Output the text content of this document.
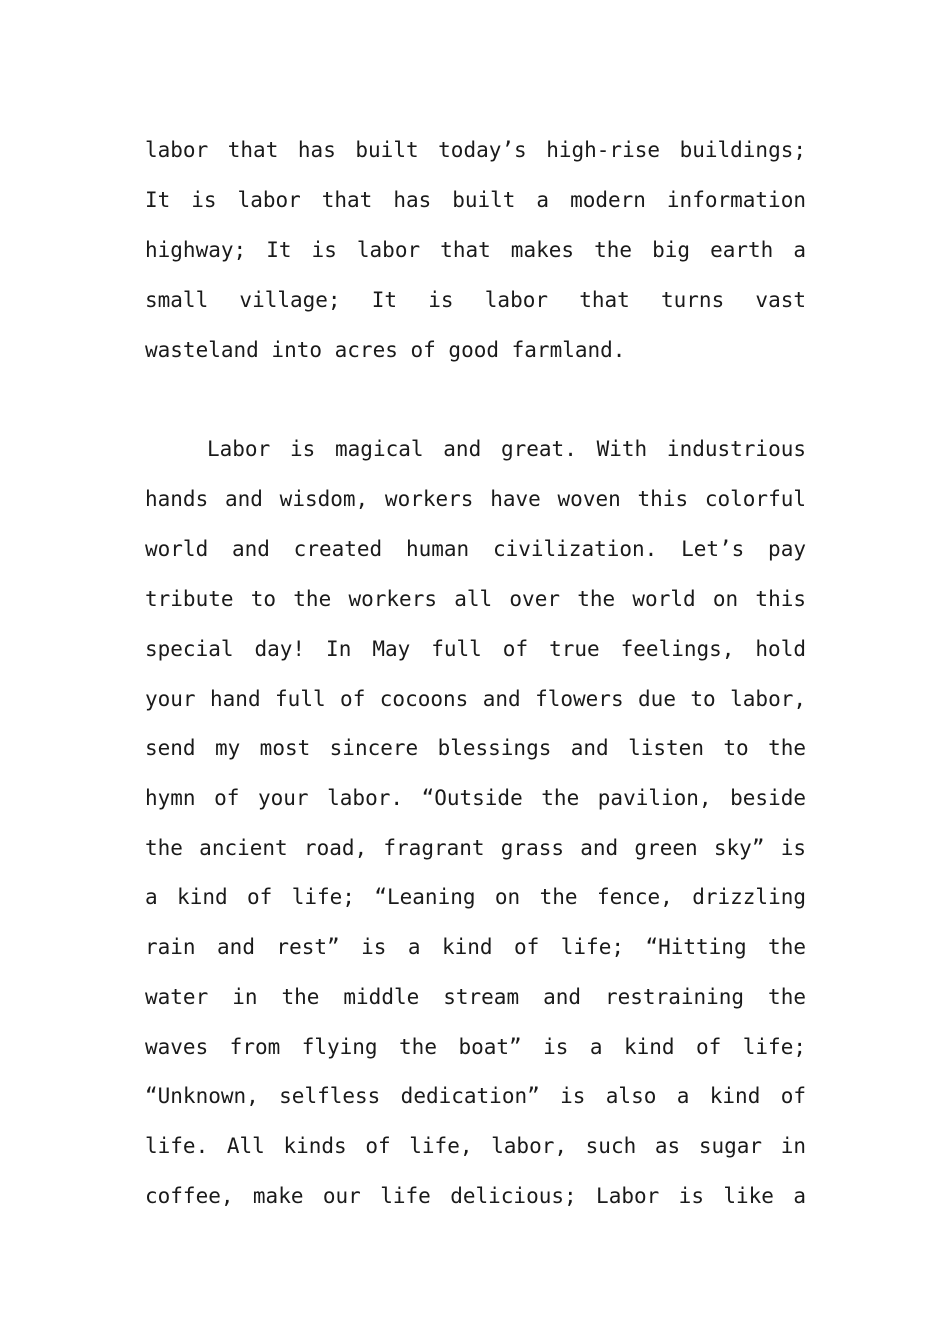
labor that has built today’s high-rise buildings;
It is labor that has built a modern information
highway; It is labor that makes the big earth a
small village; It is labor that turns vast
wasteland into acres of good farmland.
Labor is magical and great. With industrious
hands and wisdom, workers have woven this colorful
world and created human civilization. Let’s pay
tribute to the workers all over the world on this
special day! In May full of true feelings, hold
your hand full of cocoons and flowers due to labor,
send my most sincere blessings and listen to the
hymn of your labor. “Outside the pavilion, beside
the ancient road, fragrant grass and green sky” is
a kind of life; “Leaning on the fence, drizzling
rain and rest” is a kind of life; “Hitting the
water in the middle stream and restraining the
waves from flying the boat” is a kind of life;
“Unknown, selfless dedication” is also a kind of
life. All kinds of life, labor, such as sugar in
coffee, make our life delicious; Labor is like a
